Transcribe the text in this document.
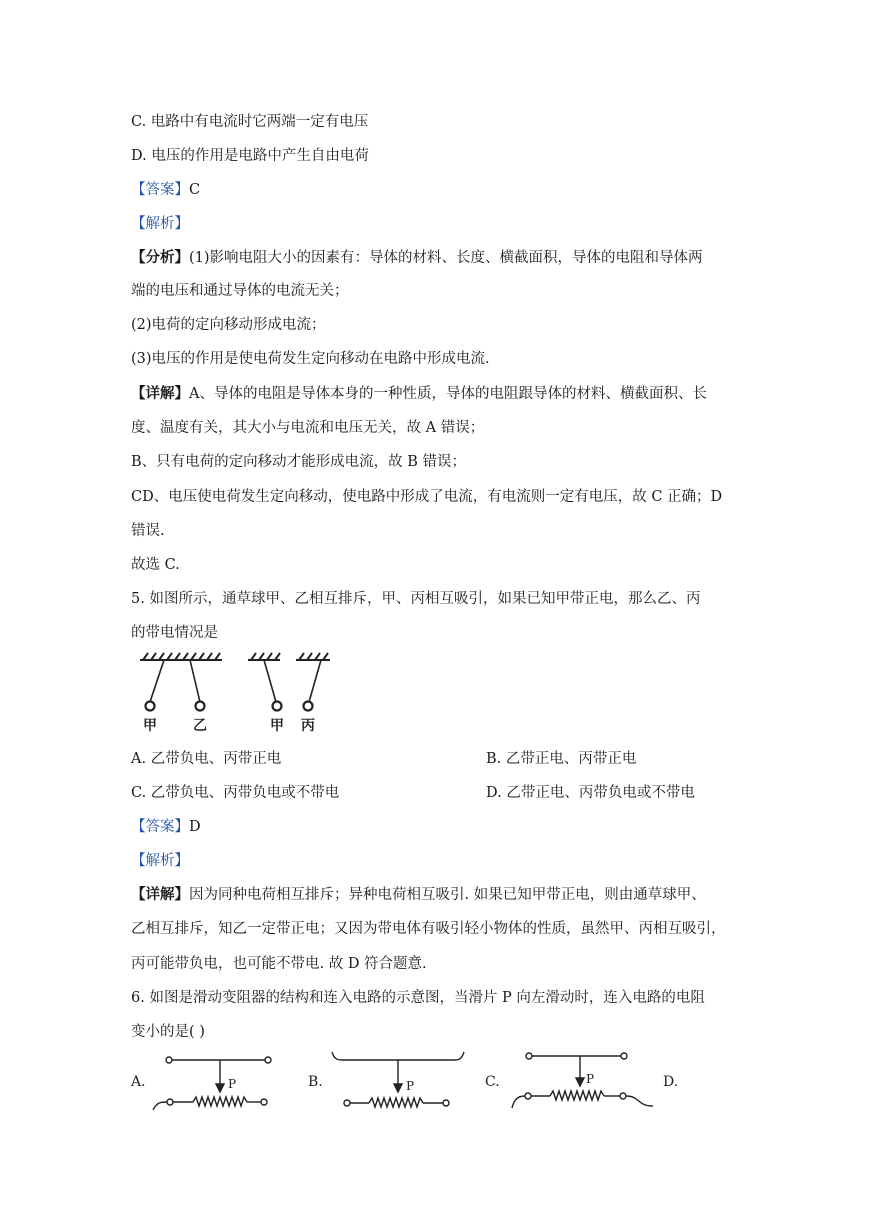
C. 电路中有电流时它两端一定有电压
D. 电压的作用是电路中产生自由电荷
【答案】C
【解析】
【分析】(1)影响电阻大小的因素有：导体的材料、长度、横截面积，导体的电阻和导体两
端的电压和通过导体的电流无关；
(2)电荷的定向移动形成电流；
(3)电压的作用是使电荷发生定向移动在电路中形成电流.
【详解】A、导体的电阻是导体本身的一种性质，导体的电阻跟导体的材料、横截面积、长
度、温度有关，其大小与电流和电压无关，故 A 错误；
B、只有电荷的定向移动才能形成电流，故 B 错误；
CD、电压使电荷发生定向移动，使电路中形成了电流，有电流则一定有电压，故 C 正确；D
错误.
故选 C.
5. 如图所示，通草球甲、乙相互排斥，甲、丙相互吸引，如果已知甲带正电，那么乙、丙
的带电情况是
甲	乙	甲 丙
A. 乙带负电、丙带正电	B. 乙带正电、丙带正电
C. 乙带负电、丙带负电或不带电	D. 乙带正电、丙带负电或不带电
【答案】D
【解析】
【详解】因为同种电荷相互排斥；异种电荷相互吸引. 如果已知甲带正电，则由通草球甲、
乙相互排斥，知乙一定带正电；又因为带电体有吸引轻小物体的性质，虽然甲、丙相互吸引，
丙可能带负电，也可能不带电. 故 D 符合题意.
6. 如图是滑动变阻器的结构和连入电路的示意图，当滑片 P 向左滑动时，连入电路的电阻
变小的是( )
A.	P	B.	P	C.	P	D.
